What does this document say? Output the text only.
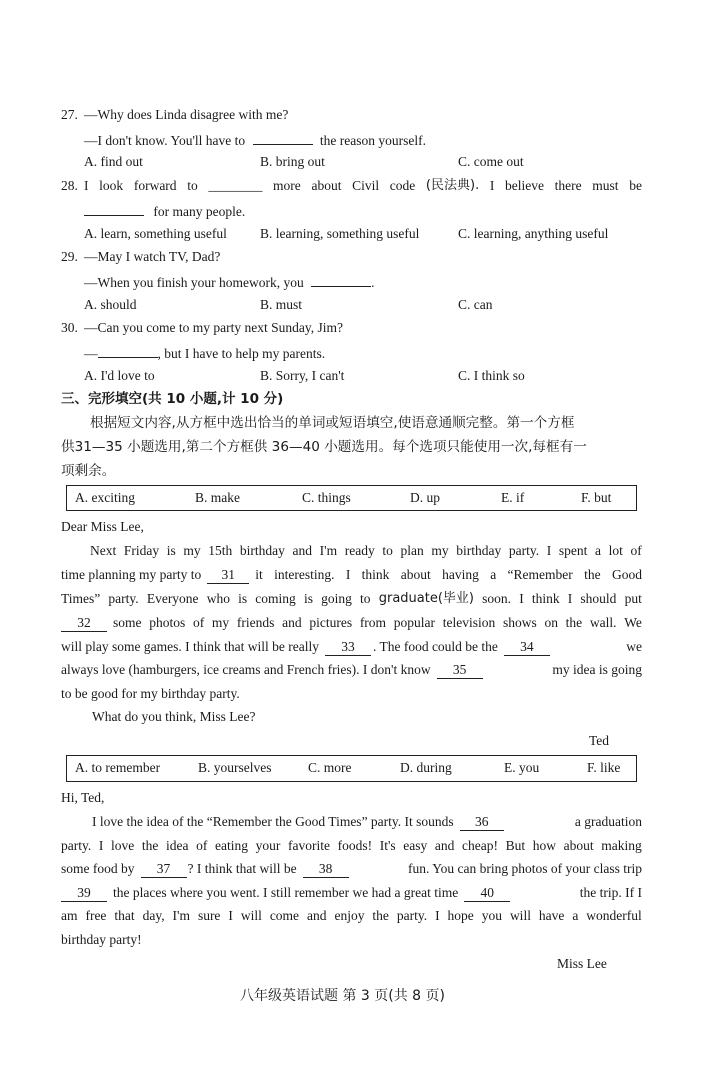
27. —Why does Linda disagree with me?
—I don't know. You'll have to	the reason yourself.
A. find out	B. bring out	C. come out
28. I look forward to ________ more about Civil code (民法典). I believe there must be
for many people.
A. learn, something useful B. learning, something useful	C. learning, anything useful
29. —May I watch TV, Dad?
—When you finish your homework, you	.
A. should	B. must	C. can
30. —Can you come to my party next Sunday, Jim?
—	, but I have to help my parents.
A. I'd love to	B. Sorry, I can't	C. I think so
三、完形填空(共 10 小题,计 10 分)
根据短文内容,从方框中选出恰当的单词或短语填空,使语意通顺完整。第一个方框
供31—35 小题选用,第二个方框供 36—40 小题选用。每个选项只能使用一次,每框有一
项剩余。
A. exciting	B. make	C. things	D. up	E. if	F. but
Dear Miss Lee,
Next Friday is my 15th birthday and I'm ready to plan my birthday party. I spent a lot of
time planning my party to	31	it interesting. I think about having a “Remember the Good
Times” party. Everyone who is coming is going to graduate(毕业) soon. I think I should put
32	some photos of my friends and pictures from popular television shows on the wall. We
will play some games. I think that will be really	33	. The food could be the	34	we
always love (hamburgers, ice creams and French fries). I don't know	35	my idea is going
to be good for my birthday party.
What do you think, Miss Lee?
Ted
A. to remember	B. yourselves	C. more	D. during	E. you	F. like
Hi, Ted,
I love the idea of the “Remember the Good Times” party. It sounds	36	a graduation
party. I love the idea of eating your favorite foods! It's easy and cheap! But how about making
some food by	37	? I think that will be	38	fun. You can bring photos of your class trip
39	the places where you went. I still remember we had a great time	40	the trip. If I
am free that day, I'm sure I will come and enjoy the party. I hope you will have a wonderful
birthday party!
Miss Lee
八年级英语试题 第 3 页(共 8 页)
